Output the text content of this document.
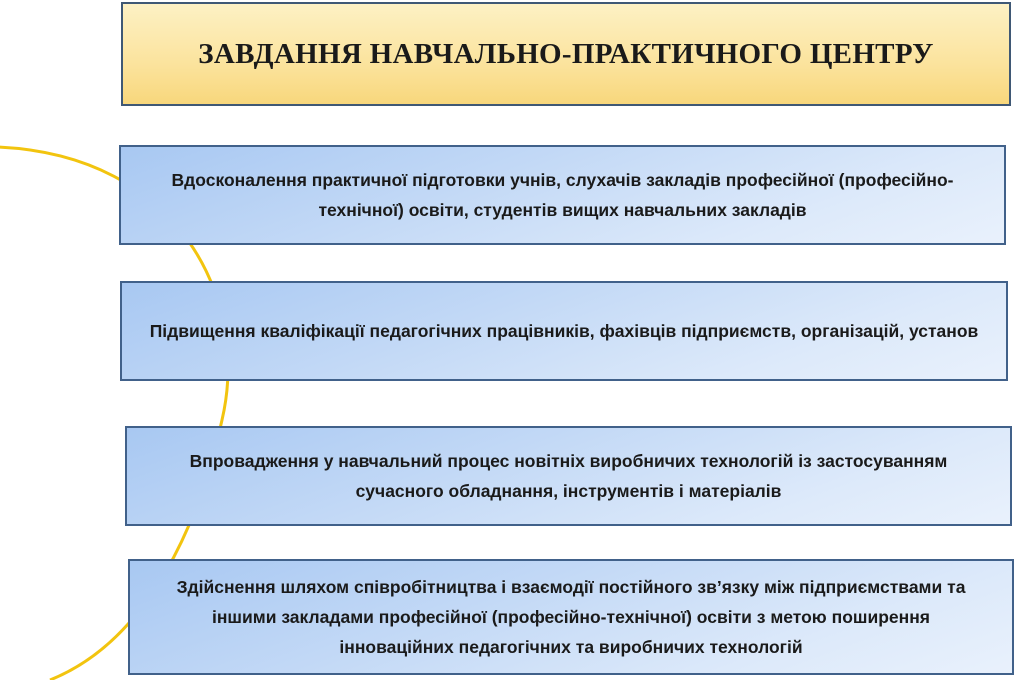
ЗАВДАННЯ НАВЧАЛЬНО-ПРАКТИЧНОГО ЦЕНТРУ
Вдосконалення практичної підготовки учнів, слухачів закладів професійної (професійно-технічної) освіти, студентів вищих навчальних закладів
Підвищення кваліфікації педагогічних працівників, фахівців підприємств, організацій, установ
Впровадження у навчальний процес новітніх виробничих технологій із застосуванням сучасного обладнання, інструментів і матеріалів
Здійснення шляхом співробітництва і взаємодії постійного зв’язку між підприємствами та іншими закладами професійної (професійно-технічної) освіти з метою поширення інноваційних педагогічних та виробничих технологій
